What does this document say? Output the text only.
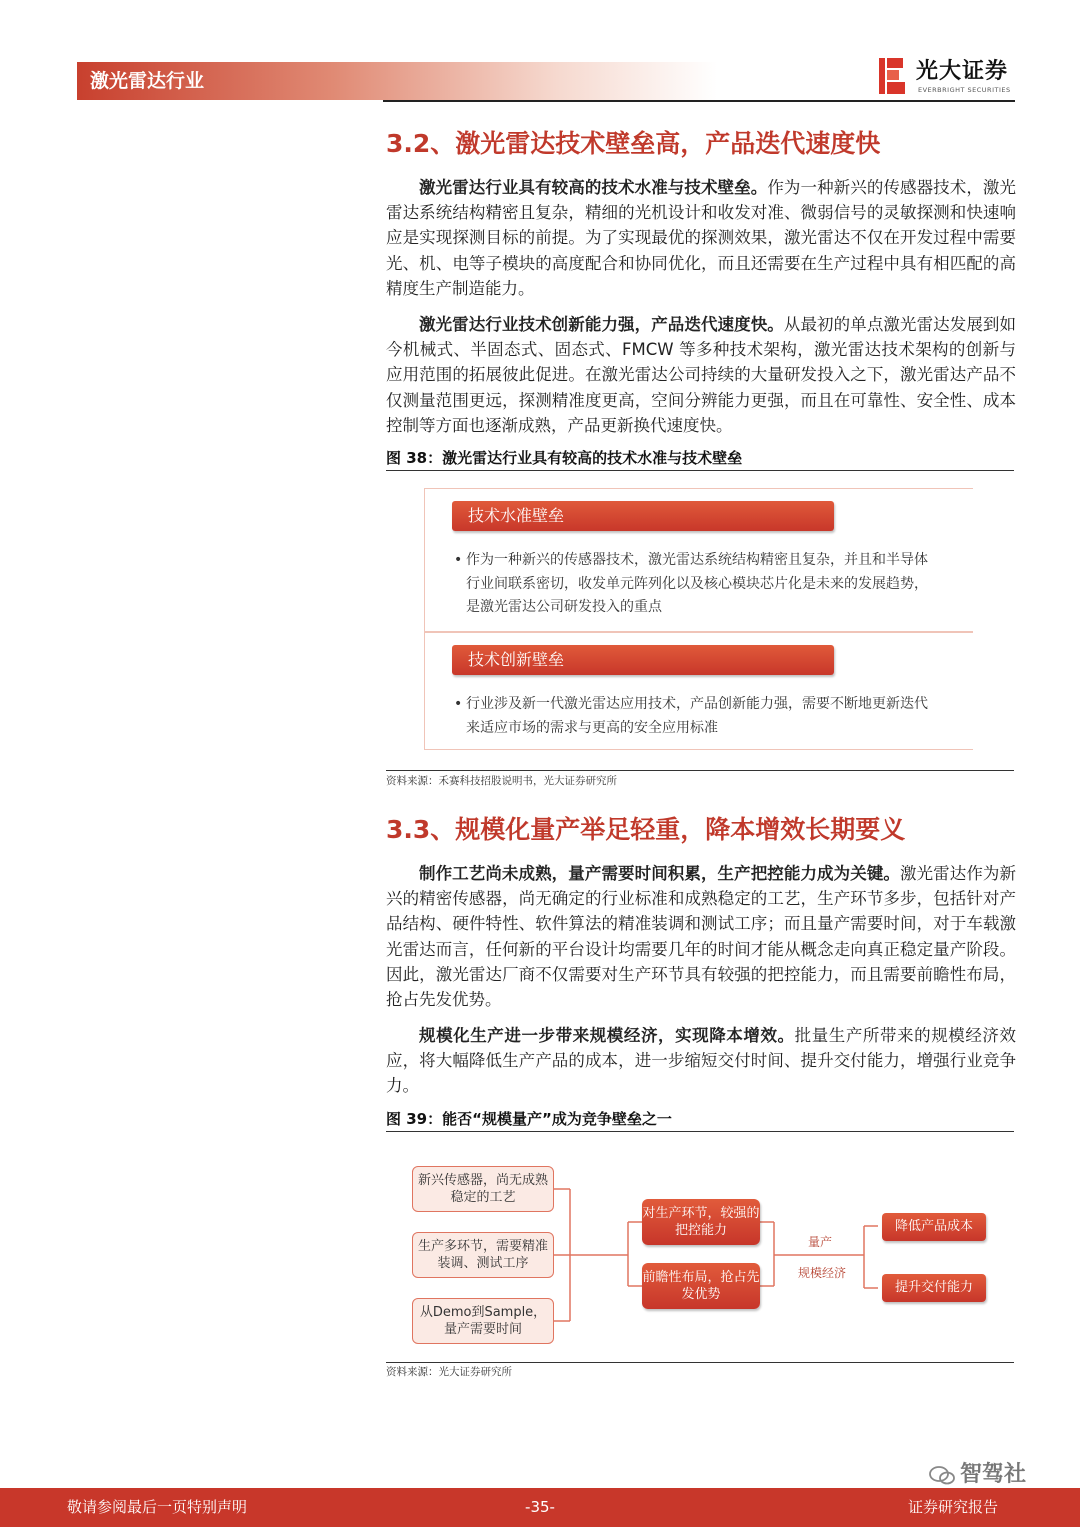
激光雷达行业	光大证券
EVERBRIGHT SECURITIES
3.2、激光雷达技术壁垒高，产品迭代速度快

激光雷达行业具有较高的技术水准与技术壁垒。作为一种新兴的传感器技术，激光雷达系统结构精密且复杂，精细的光机设计和收发对准、微弱信号的灵敏探测和快速响应是实现探测目标的前提。为了实现最优的探测效果，激光雷达不仅在开发过程中需要光、机、电等子模块的高度配合和协同优化，而且还需要在生产过程中具有相匹配的高精度生产制造能力。

激光雷达行业技术创新能力强，产品迭代速度快。从最初的单点激光雷达发展到如今机械式、半固态式、固态式、FMCW 等多种技术架构，激光雷达技术架构的创新与应用范围的拓展彼此促进。在激光雷达公司持续的大量研发投入之下，激光雷达产品不仅测量范围更远，探测精准度更高，空间分辨能力更强，而且在可靠性、安全性、成本控制等方面也逐渐成熟，产品更新换代速度快。

图 38：激光雷达行业具有较高的技术水准与技术壁垒
技术水准壁垒

• 作为一种新兴的传感器技术，激光雷达系统结构精密且复杂，并且和半导体行业间联系密切，收发单元阵列化以及核心模块芯片化是未来的发展趋势，是激光雷达公司研发投入的重点

技术创新壁垒

• 行业涉及新一代激光雷达应用技术，产品创新能力强，需要不断地更新迭代来适应市场的需求与更高的安全应用标准

资料来源：禾赛科技招股说明书，光大证券研究所
3.3、规模化量产举足轻重，降本增效长期要义

制作工艺尚未成熟，量产需要时间积累，生产把控能力成为关键。激光雷达作为新兴的精密传感器，尚无确定的行业标准和成熟稳定的工艺，生产环节多步，包括针对产品结构、硬件特性、软件算法的精准装调和测试工序；而且量产需要时间，对于车载激光雷达而言，任何新的平台设计均需要几年的时间才能从概念走向真正稳定量产阶段。因此，激光雷达厂商不仅需要对生产环节具有较强的把控能力，而且需要前瞻性布局，抢占先发优势。

规模化生产进一步带来规模经济，实现降本增效。批量生产所带来的规模经济效应，将大幅降低生产产品的成本，进一步缩短交付时间、提升交付能力，增强行业竞争力。

图 39：能否“规模量产”成为竞争壁垒之一
新兴传感器，尚无成熟稳定的工艺
生产多环节，需要精准装调、测试工序
从Demo到Sample，量产需要时间
对生产环节，较强的把控能力
前瞻性布局，抢占先发优势
量产
规模经济
降低产品成本
提升交付能力
资料来源：光大证券研究所
智驾社
敬请参阅最后一页特别声明	-35-	证券研究报告
